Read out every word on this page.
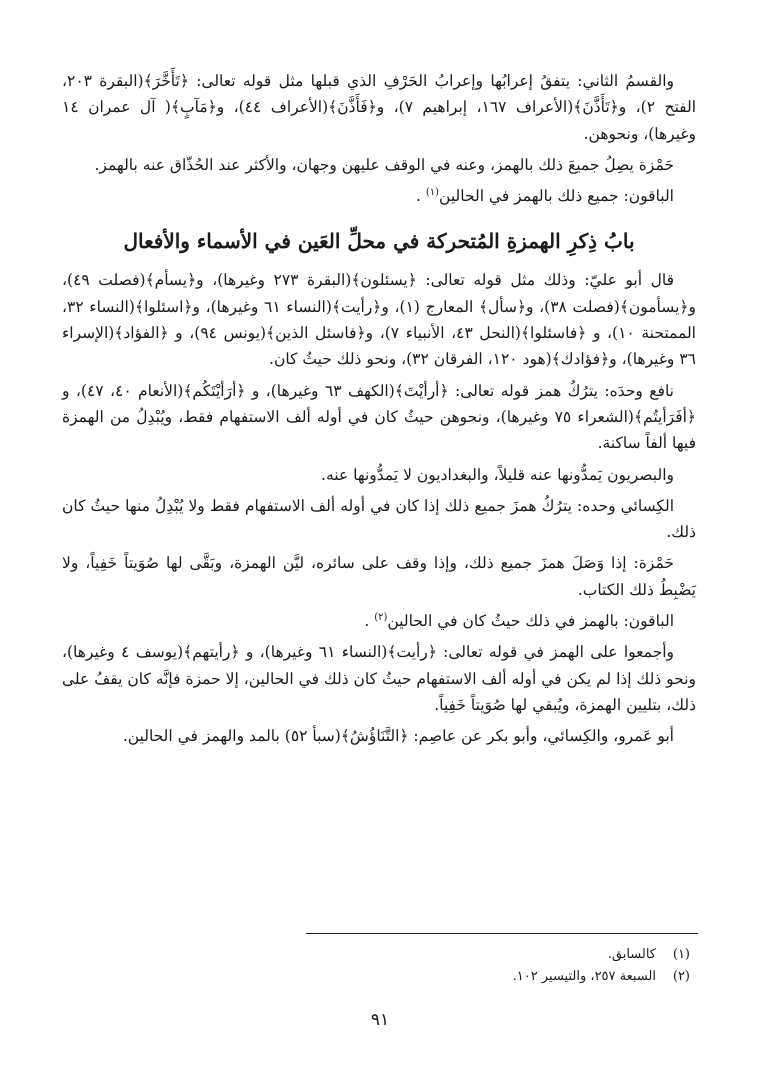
والقسمُ الثاني: يتفقُ إعرابُها وإعرابُ الحَرْفِ الذي قبلها مثل قوله تعالى: ﴿تَأَخَّرَ﴾(البقرة ٢٠٣، الفتح ٢)، و﴿تَأَذَّنَ﴾(الأعراف ١٦٧، إبراهيم ٧)، و﴿فَأَذَّنَ﴾(الأعراف ٤٤)، و﴿مَآبٍ﴾( آل عمران ١٤ وغيرها)، ونحوهن.

حَمْزة يصِلُ جميعَ ذلك بالهمز، وعنه في الوقف عليهن وجهان، والأكثر عند الحُذّاق عنه بالهمز.

الباقون: جميع ذلك بالهمز في الحالين$^{(١)}$ .

بابُ ذِكرِ الهمزةِ المُتحركة في محلِّ العَين في الأسماء والأفعال

قال أبو عليّ: وذلك مثل قوله تعالى: ﴿يسئلون﴾(البقرة ٢٧٣ وغيرها)، و﴿يسأم﴾(فصلت ٤٩)، و﴿يسأمون﴾(فصلت ٣٨)، و﴿سأل﴾ المعارج (١)، و﴿رأيت﴾(النساء ٦١ وغيرها)، و﴿اسئلوا﴾(النساء ٣٢، الممتحنة ١٠)، و ﴿فاسئلوا﴾(النحل ٤٣، الأنبياء ٧)، و﴿فاسئل الذين﴾(يونس ٩٤)، و ﴿الفؤاد﴾(الإسراء ٣٦ وغيرها)، و﴿فؤادك﴾(هود ١٢٠، الفرقان ٣٢)، ونحو ذلك حيثُ كان.

نافع وحدَه: يترُكُ همز قوله تعالى: ﴿أرأيْتَ﴾(الكهف ٦٣ وغيرها)، و ﴿أرَأيْتَكُم﴾(الأنعام ٤٠، ٤٧)، و ﴿أفَرَأيتُم﴾(الشعراء ٧٥ وغيرها)، ونحوهن حيثُ كان في أوله ألف الاستفهام فقط، ويُبْدِلُ من الهمزة فيها ألفاً ساكنة.

والبصريون يَمدُّونها عنه قليلاً، والبغداديون لا يَمدُّونها عنه.

الكِسائي وحده: يترُكُ همزَ جميع ذلك إذا كان في أوله ألف الاستفهام فقط ولا يُبْدِلُ منها حيثُ كان ذلك.

حَمْزة: إذا وَصَلَ همزَ جميع ذلك، وإذا وقف على سائره، ليَّن الهمزة، وبَقَّى لها صُوَيتاً خَفِياً، ولا يَضْبِطُ ذلك الكتاب.

الباقون: بالهمز في ذلك حيثُ كان في الحالين$^{(٢)}$ .

وأجمعوا على الهمز في قوله تعالى: ﴿رأيت﴾(النساء ٦١ وغيرها)، و ﴿رأيتهم﴾(يوسف ٤ وغيرها)، ونحو ذلك إذا لم يكن في أوله ألف الاستفهام حيثُ كان ذلك في الحالين، إلا حمزة فإنَّه كان يقفُ على ذلك، بتليين الهمزة، ويُبقي لها صُوَيتاً خَفِياً.

أبو عَمرو، والكِسائي، وأبو بكر عن عاصِم: ﴿التَّنَاؤُشُ﴾(سبأ ٥٢) بالمد والهمز في الحالين.

(١)كالسابق.

(٢)السبعة ٢٥٧، والتيسير ١٠٢.

٩١
